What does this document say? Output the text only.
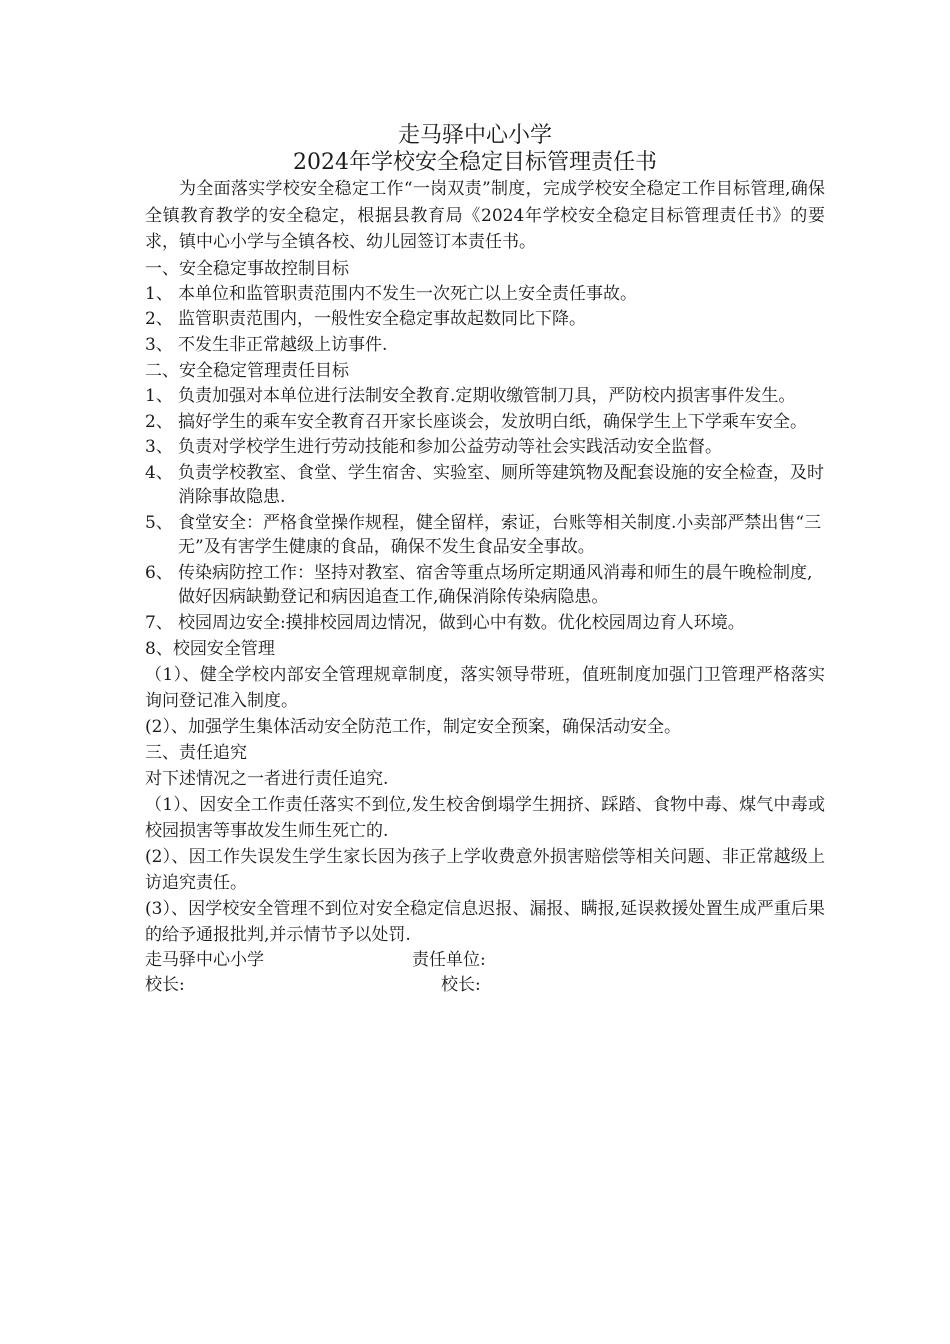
走马驿中心小学
2024年学校安全稳定目标管理责任书

为全面落实学校安全稳定工作“一岗双责”制度，完成学校安全稳定工作目标管理,确保全镇教育教学的安全稳定，根据县教育局《2024年学校安全稳定目标管理责任书》的要求，镇中心小学与全镇各校、幼儿园签订本责任书。

一、安全稳定事故控制目标

1、 本单位和监管职责范围内不发生一次死亡以上安全责任事故。
2、 监管职责范围内，一般性安全稳定事故起数同比下降。
3、 不发生非正常越级上访事件.

二、安全稳定管理责任目标

1、 负责加强对本单位进行法制安全教育.定期收缴管制刀具，严防校内损害事件发生。
2、 搞好学生的乘车安全教育召开家长座谈会，发放明白纸，确保学生上下学乘车安全。
3、 负责对学校学生进行劳动技能和参加公益劳动等社会实践活动安全监督。
4、 负责学校教室、食堂、学生宿舍、实验室、厕所等建筑物及配套设施的安全检查，及时消除事故隐患.
5、 食堂安全：严格食堂操作规程，健全留样，索证，台账等相关制度.小卖部严禁出售“三无”及有害学生健康的食品，确保不发生食品安全事故。
6、 传染病防控工作：坚持对教室、宿舍等重点场所定期通风消毒和师生的晨午晚检制度,做好因病缺勤登记和病因追查工作,确保消除传染病隐患。
7、 校园周边安全:摸排校园周边情况，做到心中有数。优化校园周边育人环境。

8、校园安全管理

（1）、健全学校内部安全管理规章制度，落实领导带班，值班制度加强门卫管理严格落实询问登记准入制度。

(2）、加强学生集体活动安全防范工作，制定安全预案，确保活动安全。

三、责任追究

对下述情况之一者进行责任追究.

（1）、因安全工作责任落实不到位,发生校舍倒塌学生拥挤、踩踏、食物中毒、煤气中毒或校园损害等事故发生师生死亡的.

(2）、因工作失误发生学生家长因为孩子上学收费意外损害赔偿等相关问题、非正常越级上访追究责任。

(3）、因学校安全管理不到位对安全稳定信息迟报、漏报、瞒报,延误救援处置生成严重后果的给予通报批判,并示情节予以处罚.

走马驿中心小学	责任单位:
校长:	校长:
